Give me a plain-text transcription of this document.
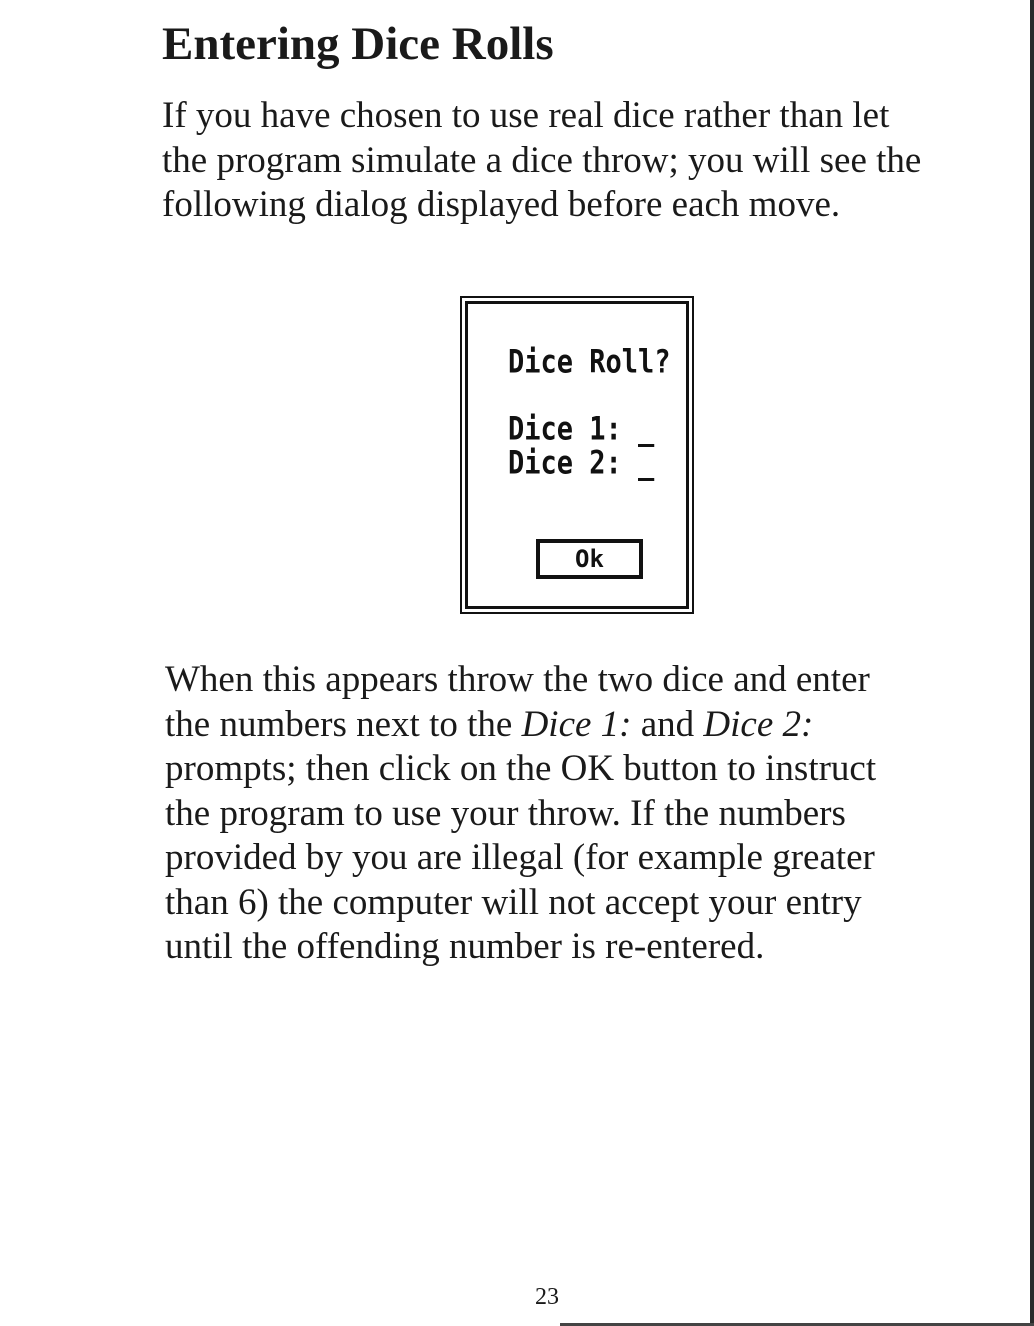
Entering Dice Rolls

If you have chosen to use real dice rather than let
the program simulate a dice throw; you will see the
following dialog displayed before each move.

Dice Roll?

Dice 1: _

Dice 2: _

Ok

When this appears throw the two dice and enter
the numbers next to the Dice 1: and Dice 2:
prompts; then click on the OK button to instruct
the program to use your throw. If the numbers
provided by you are illegal (for example greater
than 6) the computer will not accept your entry
until the offending number is re-entered.

23
